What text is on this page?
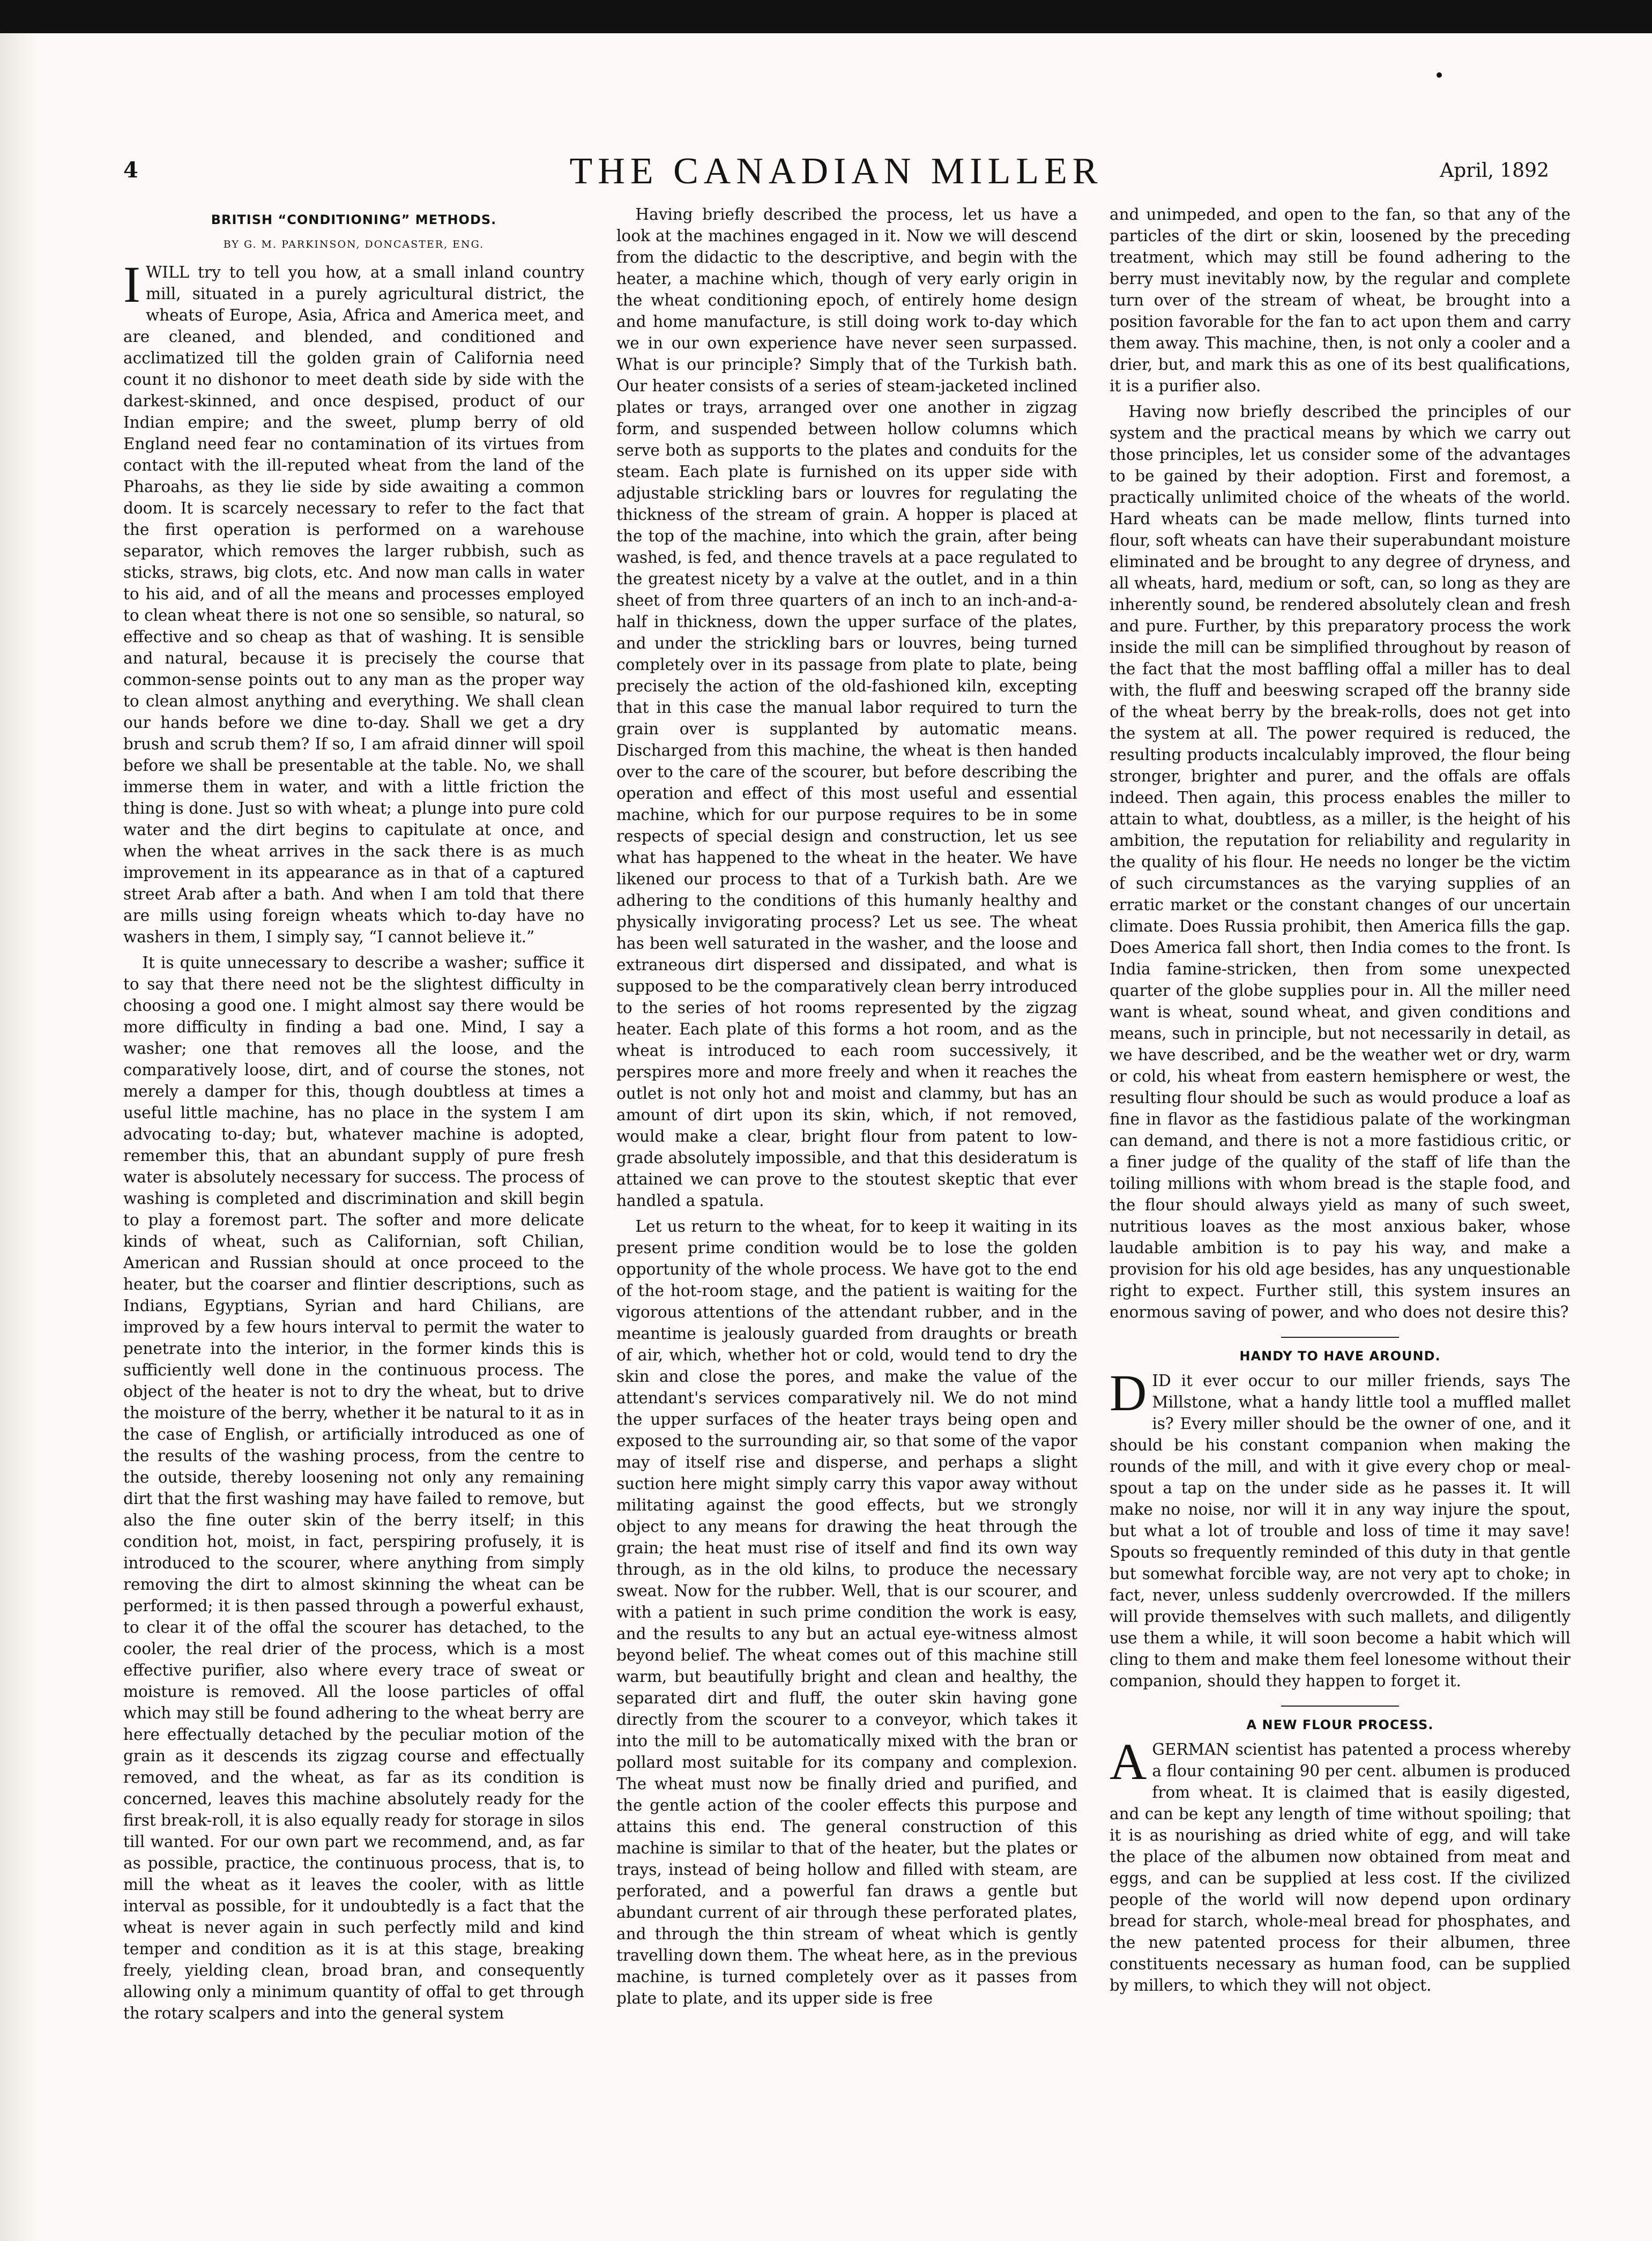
4	THE CANADIAN MILLER	April, 1892
BRITISH “CONDITIONING” METHODS.
BY G. M. PARKINSON, DONCASTER, ENG.

IWILL try to tell you how, at a small inland country mill, situated in a purely agricultural district, the wheats of Europe, Asia, Africa and America meet, and are cleaned, and blended, and conditioned and acclimatized till the golden grain of California need count it no dishonor to meet death side by side with the darkest-skinned, and once despised, product of our Indian empire; and the sweet, plump berry of old England need fear no contamination of its virtues from contact with the ill-reputed wheat from the land of the Pharoahs, as they lie side by side awaiting a common doom. It is scarcely necessary to refer to the fact that the first operation is performed on a warehouse separator, which removes the larger rubbish, such as sticks, straws, big clots, etc. And now man calls in water to his aid, and of all the means and processes employed to clean wheat there is not one so sensible, so natural, so effective and so cheap as that of washing. It is sensible and natural, because it is precisely the course that common-sense points out to any man as the proper way to clean almost anything and everything. We shall clean our hands before we dine to-day. Shall we get a dry brush and scrub them? If so, I am afraid dinner will spoil before we shall be presentable at the table. No, we shall immerse them in water, and with a little friction the thing is done. Just so with wheat; a plunge into pure cold water and the dirt begins to capitulate at once, and when the wheat arrives in the sack there is as much improvement in its appearance as in that of a captured street Arab after a bath. And when I am told that there are mills using foreign wheats which to-day have no washers in them, I simply say, “I cannot believe it.”

It is quite unnecessary to describe a washer; suffice it to say that there need not be the slightest difficulty in choosing a good one. I might almost say there would be more difficulty in finding a bad one. Mind, I say a washer; one that removes all the loose, and the comparatively loose, dirt, and of course the stones, not merely a damper for this, though doubtless at times a useful little machine, has no place in the system I am advocating to-day; but, whatever machine is adopted, remember this, that an abundant supply of pure fresh water is absolutely necessary for success. The process of washing is completed and discrimination and skill begin to play a foremost part. The softer and more delicate kinds of wheat, such as Californian, soft Chilian, American and Russian should at once proceed to the heater, but the coarser and flintier descriptions, such as Indians, Egyptians, Syrian and hard Chilians, are improved by a few hours interval to permit the water to penetrate into the interior, in the former kinds this is sufficiently well done in the continuous process. The object of the heater is not to dry the wheat, but to drive the moisture of the berry, whether it be natural to it as in the case of English, or artificially introduced as one of the results of the washing process, from the centre to the outside, thereby loosening not only any remaining dirt that the first washing may have failed to remove, but also the fine outer skin of the berry itself; in this condition hot, moist, in fact, perspiring profusely, it is introduced to the scourer, where anything from simply removing the dirt to almost skinning the wheat can be performed; it is then passed through a powerful exhaust, to clear it of the offal the scourer has detached, to the cooler, the real drier of the process, which is a most effective purifier, also where every trace of sweat or moisture is removed. All the loose particles of offal which may still be found adhering to the wheat berry are here effectually detached by the peculiar motion of the grain as it descends its zigzag course and effectually removed, and the wheat, as far as its condition is concerned, leaves this machine absolutely ready for the first break-roll, it is also equally ready for storage in silos till wanted. For our own part we recommend, and, as far as possible, practice, the continuous process, that is, to mill the wheat as it leaves the cooler, with as little interval as possible, for it undoubtedly is a fact that the wheat is never again in such perfectly mild and kind temper and condition as it is at this stage, breaking freely, yielding clean, broad bran, and consequently allowing only a minimum quantity of offal to get through the rotary scalpers and into the general system

Having briefly described the process, let us have a look at the machines engaged in it. Now we will descend from the didactic to the descriptive, and begin with the heater, a machine which, though of very early origin in the wheat conditioning epoch, of entirely home design and home manufacture, is still doing work to-day which we in our own experience have never seen surpassed. What is our principle? Simply that of the Turkish bath. Our heater consists of a series of steam-jacketed inclined plates or trays, arranged over one another in zigzag form, and suspended between hollow columns which serve both as supports to the plates and conduits for the steam. Each plate is furnished on its upper side with adjustable strickling bars or louvres for regulating the thickness of the stream of grain. A hopper is placed at the top of the machine, into which the grain, after being washed, is fed, and thence travels at a pace regulated to the greatest nicety by a valve at the outlet, and in a thin sheet of from three quarters of an inch to an inch-and-a-half in thickness, down the upper surface of the plates, and under the strickling bars or louvres, being turned completely over in its passage from plate to plate, being precisely the action of the old-fashioned kiln, excepting that in this case the manual labor required to turn the grain over is supplanted by automatic means. Discharged from this machine, the wheat is then handed over to the care of the scourer, but before describing the operation and effect of this most useful and essential machine, which for our purpose requires to be in some respects of special design and construction, let us see what has happened to the wheat in the heater. We have likened our process to that of a Turkish bath. Are we adhering to the conditions of this humanly healthy and physically invigorating process? Let us see. The wheat has been well saturated in the washer, and the loose and extraneous dirt dispersed and dissipated, and what is supposed to be the comparatively clean berry introduced to the series of hot rooms represented by the zigzag heater. Each plate of this forms a hot room, and as the wheat is introduced to each room successively, it perspires more and more freely and when it reaches the outlet is not only hot and moist and clammy, but has an amount of dirt upon its skin, which, if not removed, would make a clear, bright flour from patent to low-grade absolutely impossible, and that this desideratum is attained we can prove to the stoutest skeptic that ever handled a spatula.

Let us return to the wheat, for to keep it waiting in its present prime condition would be to lose the golden opportunity of the whole process. We have got to the end of the hot-room stage, and the patient is waiting for the vigorous attentions of the attendant rubber, and in the meantime is jealously guarded from draughts or breath of air, which, whether hot or cold, would tend to dry the skin and close the pores, and make the value of the attendant's services comparatively nil. We do not mind the upper surfaces of the heater trays being open and exposed to the surrounding air, so that some of the vapor may of itself rise and disperse, and perhaps a slight suction here might simply carry this vapor away without militating against the good effects, but we strongly object to any means for drawing the heat through the grain; the heat must rise of itself and find its own way through, as in the old kilns, to produce the necessary sweat. Now for the rubber. Well, that is our scourer, and with a patient in such prime condition the work is easy, and the results to any but an actual eye-witness almost beyond belief. The wheat comes out of this machine still warm, but beautifully bright and clean and healthy, the separated dirt and fluff, the outer skin having gone directly from the scourer to a conveyor, which takes it into the mill to be automatically mixed with the bran or pollard most suitable for its company and complexion. The wheat must now be finally dried and purified, and the gentle action of the cooler effects this purpose and attains this end. The general construction of this machine is similar to that of the heater, but the plates or trays, instead of being hollow and filled with steam, are perforated, and a powerful fan draws a gentle but abundant current of air through these perforated plates, and through the thin stream of wheat which is gently travelling down them. The wheat here, as in the previous machine, is turned completely over as it passes from plate to plate, and its upper side is free

and unimpeded, and open to the fan, so that any of the particles of the dirt or skin, loosened by the preceding treatment, which may still be found adhering to the berry must inevitably now, by the regular and complete turn over of the stream of wheat, be brought into a position favorable for the fan to act upon them and carry them away. This machine, then, is not only a cooler and a drier, but, and mark this as one of its best qualifications, it is a purifier also.

Having now briefly described the principles of our system and the practical means by which we carry out those principles, let us consider some of the advantages to be gained by their adoption. First and foremost, a practically unlimited choice of the wheats of the world. Hard wheats can be made mellow, flints turned into flour, soft wheats can have their superabundant moisture eliminated and be brought to any degree of dryness, and all wheats, hard, medium or soft, can, so long as they are inherently sound, be rendered absolutely clean and fresh and pure. Further, by this preparatory process the work inside the mill can be simplified throughout by reason of the fact that the most baffling offal a miller has to deal with, the fluff and beeswing scraped off the branny side of the wheat berry by the break-rolls, does not get into the system at all. The power required is reduced, the resulting products incalculably improved, the flour being stronger, brighter and purer, and the offals are offals indeed. Then again, this process enables the miller to attain to what, doubtless, as a miller, is the height of his ambition, the reputation for reliability and regularity in the quality of his flour. He needs no longer be the victim of such circumstances as the varying supplies of an erratic market or the constant changes of our uncertain climate. Does Russia prohibit, then America fills the gap. Does America fall short, then India comes to the front. Is India famine-stricken, then from some unexpected quarter of the globe supplies pour in. All the miller need want is wheat, sound wheat, and given conditions and means, such in principle, but not necessarily in detail, as we have described, and be the weather wet or dry, warm or cold, his wheat from eastern hemisphere or west, the resulting flour should be such as would produce a loaf as fine in flavor as the fastidious palate of the workingman can demand, and there is not a more fastidious critic, or a finer judge of the quality of the staff of life than the toiling millions with whom bread is the staple food, and the flour should always yield as many of such sweet, nutritious loaves as the most anxious baker, whose laudable ambition is to pay his way, and make a provision for his old age besides, has any unquestionable right to expect. Further still, this system insures an enormous saving of power, and who does not desire this?

HANDY TO HAVE AROUND.

DID it ever occur to our miller friends, says The Millstone, what a handy little tool a muffled mallet is? Every miller should be the owner of one, and it should be his constant companion when making the rounds of the mill, and with it give every chop or meal-spout a tap on the under side as he passes it. It will make no noise, nor will it in any way injure the spout, but what a lot of trouble and loss of time it may save! Spouts so frequently reminded of this duty in that gentle but somewhat forcible way, are not very apt to choke; in fact, never, unless suddenly overcrowded. If the millers will provide themselves with such mallets, and diligently use them a while, it will soon become a habit which will cling to them and make them feel lonesome without their companion, should they happen to forget it.

A NEW FLOUR PROCESS.

AGERMAN scientist has patented a process whereby a flour containing 90 per cent. albumen is produced from wheat. It is claimed that is easily digested, and can be kept any length of time without spoiling; that it is as nourishing as dried white of egg, and will take the place of the albumen now obtained from meat and eggs, and can be supplied at less cost. If the civilized people of the world will now depend upon ordinary bread for starch, whole-meal bread for phosphates, and the new patented process for their albumen, three constituents necessary as human food, can be supplied by millers, to which they will not object.
